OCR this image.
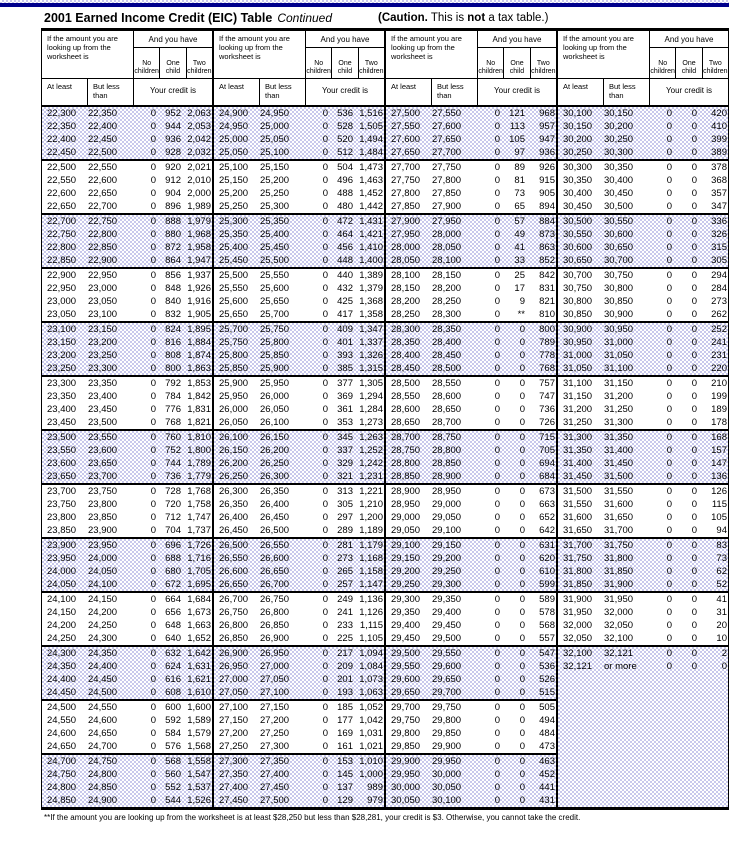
2001 Earned Income Credit (EIC) Table Continued	(Caution. This is not a tax table.)
If the amount you are looking up from the worksheet is
And you have
No children
One child
Two children
At least	But less than
Your credit is
22,300	22,350	0 952 2,063
22,350	22,400	0 944 2,053
22,400	22,450	0 936 2,042
22,450	22,500	0 928 2,032
22,500	22,550	0 920 2,021
22,550	22,600	0 912 2,010
22,600	22,650	0 904 2,000
22,650	22,700	0 896 1,989
22,700	22,750	0 888 1,979
22,750	22,800	0 880 1,968
22,800	22,850	0 872 1,958
22,850	22,900	0 864 1,947
22,900	22,950	0 856 1,937
22,950	23,000	0 848 1,926
23,000	23,050	0 840 1,916
23,050	23,100	0 832 1,905
23,100	23,150	0 824 1,895
23,150	23,200	0 816 1,884
23,200	23,250	0 808 1,874
23,250	23,300	0 800 1,863
23,300	23,350	0 792 1,853
23,350	23,400	0 784 1,842
23,400	23,450	0 776 1,831
23,450	23,500	0 768 1,821
23,500	23,550	0 760 1,810
23,550	23,600	0 752 1,800
23,600	23,650	0 744 1,789
23,650	23,700	0 736 1,779
23,700	23,750	0 728 1,768
23,750	23,800	0 720 1,758
23,800	23,850	0 712 1,747
23,850	23,900	0 704 1,737
23,900	23,950	0 696 1,726
23,950	24,000	0 688 1,716
24,000	24,050	0 680 1,705
24,050	24,100	0 672 1,695
24,100	24,150	0 664 1,684
24,150	24,200	0 656 1,673
24,200	24,250	0 648 1,663
24,250	24,300	0 640 1,652
24,300	24,350	0 632 1,642
24,350	24,400	0 624 1,631
24,400	24,450	0 616 1,621
24,450	24,500	0 608 1,610
24,500	24,550	0 600 1,600
24,550	24,600	0 592 1,589
24,600	24,650	0 584 1,579
24,650	24,700	0 576 1,568
24,700	24,750	0 568 1,558
24,750	24,800	0 560 1,547
24,800	24,850	0 552 1,537
24,850	24,900	0 544 1,526
If the amount you are looking up from the worksheet is
And you have
No children
One child
Two children
At least	But less than
Your credit is
24,900	24,950	0 536 1,516
24,950	25,000	0 528 1,505
25,000	25,050	0 520 1,494
25,050	25,100	0 512 1,484
25,100	25,150	0 504 1,473
25,150	25,200	0 496 1,463
25,200	25,250	0 488 1,452
25,250	25,300	0 480 1,442
25,300	25,350	0 472 1,431
25,350	25,400	0 464 1,421
25,400	25,450	0 456 1,410
25,450	25,500	0 448 1,400
25,500	25,550	0 440 1,389
25,550	25,600	0 432 1,379
25,600	25,650	0 425 1,368
25,650	25,700	0 417 1,358
25,700	25,750	0 409 1,347
25,750	25,800	0 401 1,337
25,800	25,850	0 393 1,326
25,850	25,900	0 385 1,315
25,900	25,950	0 377 1,305
25,950	26,000	0 369 1,294
26,000	26,050	0 361 1,284
26,050	26,100	0 353 1,273
26,100	26,150	0 345 1,263
26,150	26,200	0 337 1,252
26,200	26,250	0 329 1,242
26,250	26,300	0 321 1,231
26,300	26,350	0 313 1,221
26,350	26,400	0 305 1,210
26,400	26,450	0 297 1,200
26,450	26,500	0 289 1,189
26,500	26,550	0 281 1,179
26,550	26,600	0 273 1,168
26,600	26,650	0 265 1,158
26,650	26,700	0 257 1,147
26,700	26,750	0 249 1,136
26,750	26,800	0 241 1,126
26,800	26,850	0 233 1,115
26,850	26,900	0 225 1,105
26,900	26,950	0 217 1,094
26,950	27,000	0 209 1,084
27,000	27,050	0 201 1,073
27,050	27,100	0 193 1,063
27,100	27,150	0 185 1,052
27,150	27,200	0 177 1,042
27,200	27,250	0 169 1,031
27,250	27,300	0 161 1,021
27,300	27,350	0 153 1,010
27,350	27,400	0 145 1,000
27,400	27,450	0 137	989
27,450	27,500	0 129	979
If the amount you are looking up from the worksheet is
And you have
No children
One child
Two children
At least	But less than
Your credit is
27,500	27,550	0 121	968
27,550	27,600	0	113	957
27,600	27,650	0 105	947
27,650	27,700	0	97	936
27,700	27,750	0	89	926
27,750	27,800	0	81	915
27,800	27,850	0	73	905
27,850	27,900	0	65	894
27,900	27,950	0	57	884
27,950	28,000	0	49	873
28,000	28,050	0	41	863
28,050	28,100	0	33	852
28,100	28,150	0	25	842
28,150	28,200	0	17	831
28,200	28,250	0	9	821
28,250	28,300	0	**	810
28,300	28,350	0	0	800
28,350	28,400	0	0	789
28,400	28,450	0	0	778
28,450	28,500	0	0	768
28,500	28,550	0	0	757
28,550	28,600	0	0	747
28,600	28,650	0	0	736
28,650	28,700	0	0	726
28,700	28,750	0	0	715
28,750	28,800	0	0	705
28,800	28,850	0	0	694
28,850	28,900	0	0	684
28,900	28,950	0	0	673
28,950	29,000	0	0	663
29,000	29,050	0	0	652
29,050	29,100	0	0	642
29,100	29,150	0	0	631
29,150	29,200	0	0	620
29,200	29,250	0	0	610
29,250	29,300	0	0	599
29,300	29,350	0	0	589
29,350	29,400	0	0	578
29,400	29,450	0	0	568
29,450	29,500	0	0	557
29,500	29,550	0	0	547
29,550	29,600	0	0	536
29,600	29,650	0	0	526
29,650	29,700	0	0	515
29,700	29,750	0	0	505
29,750	29,800	0	0	494
29,800	29,850	0	0	484
29,850	29,900	0	0	473
29,900	29,950	0	0	463
29,950	30,000	0	0	452
30,000	30,050	0	0	441
30,050	30,100	0	0	431
If the amount you are looking up from the worksheet is
And you have
No children
One child
Two children
At least	But less than
Your credit is
30,100	30,150	0	0	420
30,150	30,200	0	0	410
30,200	30,250	0	0	399
30,250	30,300	0	0	389
30,300	30,350	0	0	378
30,350	30,400	0	0	368
30,400	30,450	0	0	357
30,450	30,500	0	0	347
30,500	30,550	0	0	336
30,550	30,600	0	0	326
30,600	30,650	0	0	315
30,650	30,700	0	0	305
30,700	30,750	0	0	294
30,750	30,800	0	0	284
30,800	30,850	0	0	273
30,850	30,900	0	0	262
30,900	30,950	0	0	252
30,950	31,000	0	0	241
31,000	31,050	0	0	231
31,050	31,100	0	0	220
31,100	31,150	0	0	210
31,150	31,200	0	0	199
31,200	31,250	0	0	189
31,250	31,300	0	0	178
31,300	31,350	0	0	168
31,350	31,400	0	0	157
31,400	31,450	0	0	147
31,450	31,500	0	0	136
31,500	31,550	0	0	126
31,550	31,600	0	0	115
31,600	31,650	0	0	105
31,650	31,700	0	0	94
31,700	31,750	0	0	83
31,750	31,800	0	0	73
31,800	31,850	0	0	62
31,850	31,900	0	0	52
31,900	31,950	0	0	41
31,950	32,000	0	0	31
32,000	32,050	0	0	20
32,050	32,100	0	0	10
32,100	32,121	0	0	2
32,121	or more	0	0	0
**If the amount you are looking up from the worksheet is at least $28,250 but less than $28,281, your credit is $3. Otherwise, you cannot take the credit.
